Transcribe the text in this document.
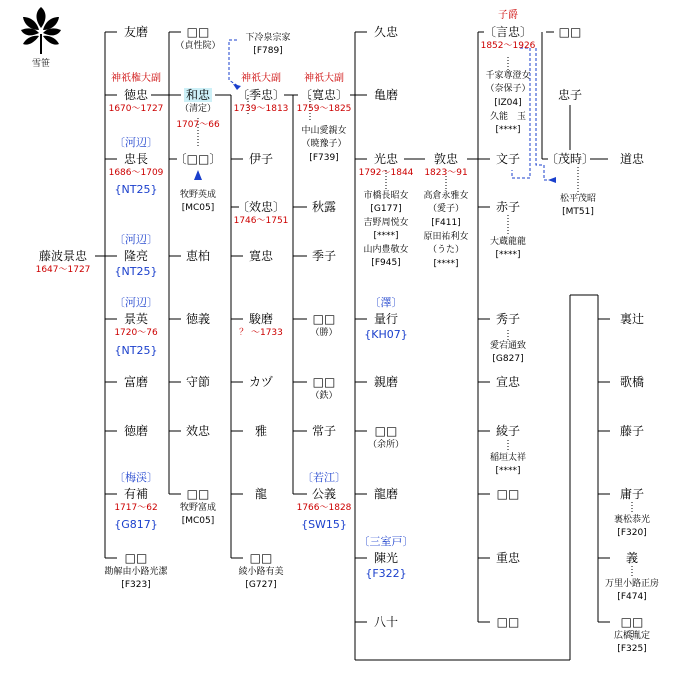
雪笹
藤波景忠
1647〜1727
友磨
神祇権大副
徳忠
1670〜1727
〔河辺〕
忠長
1686〜1709
{NT25}
〔河辺〕
隆亮
{NT25}
〔河辺〕
景英
1720〜76
{NT25}
富磨
徳磨
〔梅渓〕
有補
1717〜62
{G817}
□□
勘解由小路光潔
[F323]
□□
（貞性院）
和忠
（清定）
1707〜66
〔□□〕
牧野英成
[MC05]
恵柏
徳義
守節
效忠
□□
牧野富成
[MC05]
下冷泉宗家
[F789]
神祇大副
〔季忠〕
1739〜1813
伊子
〔效忠〕
1746〜1751
寛忠
駿磨
？ 〜1733
カヅ
雅
龍
□□
綾小路有美
[G727]
神祇大副
〔寛忠〕
1759〜1825
中山愛親女
（暁豫子）
[F739]
秋露
季子
□□
（勝）
□□
（鉄）
常子
〔若江〕
公義
1766〜1828
{SW15}
久忠
亀磨
光忠
1792〜1844
市橋長昭女
[G177]
吉野周悦女
[****]
山内豊敬女
[F945]
〔澤〕
量行
{KH07}
親磨
□□
（余所）
龍磨
〔三室戸〕
陳光
{F322}
八十
敦忠
1823〜91
高倉永雅女
（愛子）
[F411]
原田祐利女
（うた）
[****]
子爵
〔言忠〕
1852〜1926
千家尊澄女
（奈保子）
[IZ04]
久能　玉
[****]
文子
赤子
大蔵龍龍
[****]
秀子
愛宕通致
[G827]
宣忠
綾子
稲垣太祥
[****]
□□
重忠
□□
□□
忠子
〔茂時〕
松平茂昭
[MT51]
道忠
裏辻
歌橋
藤子
庸子
裏松恭光
[F320]
義
万里小路正房
[F474]
□□
広橋胤定
[F325]
